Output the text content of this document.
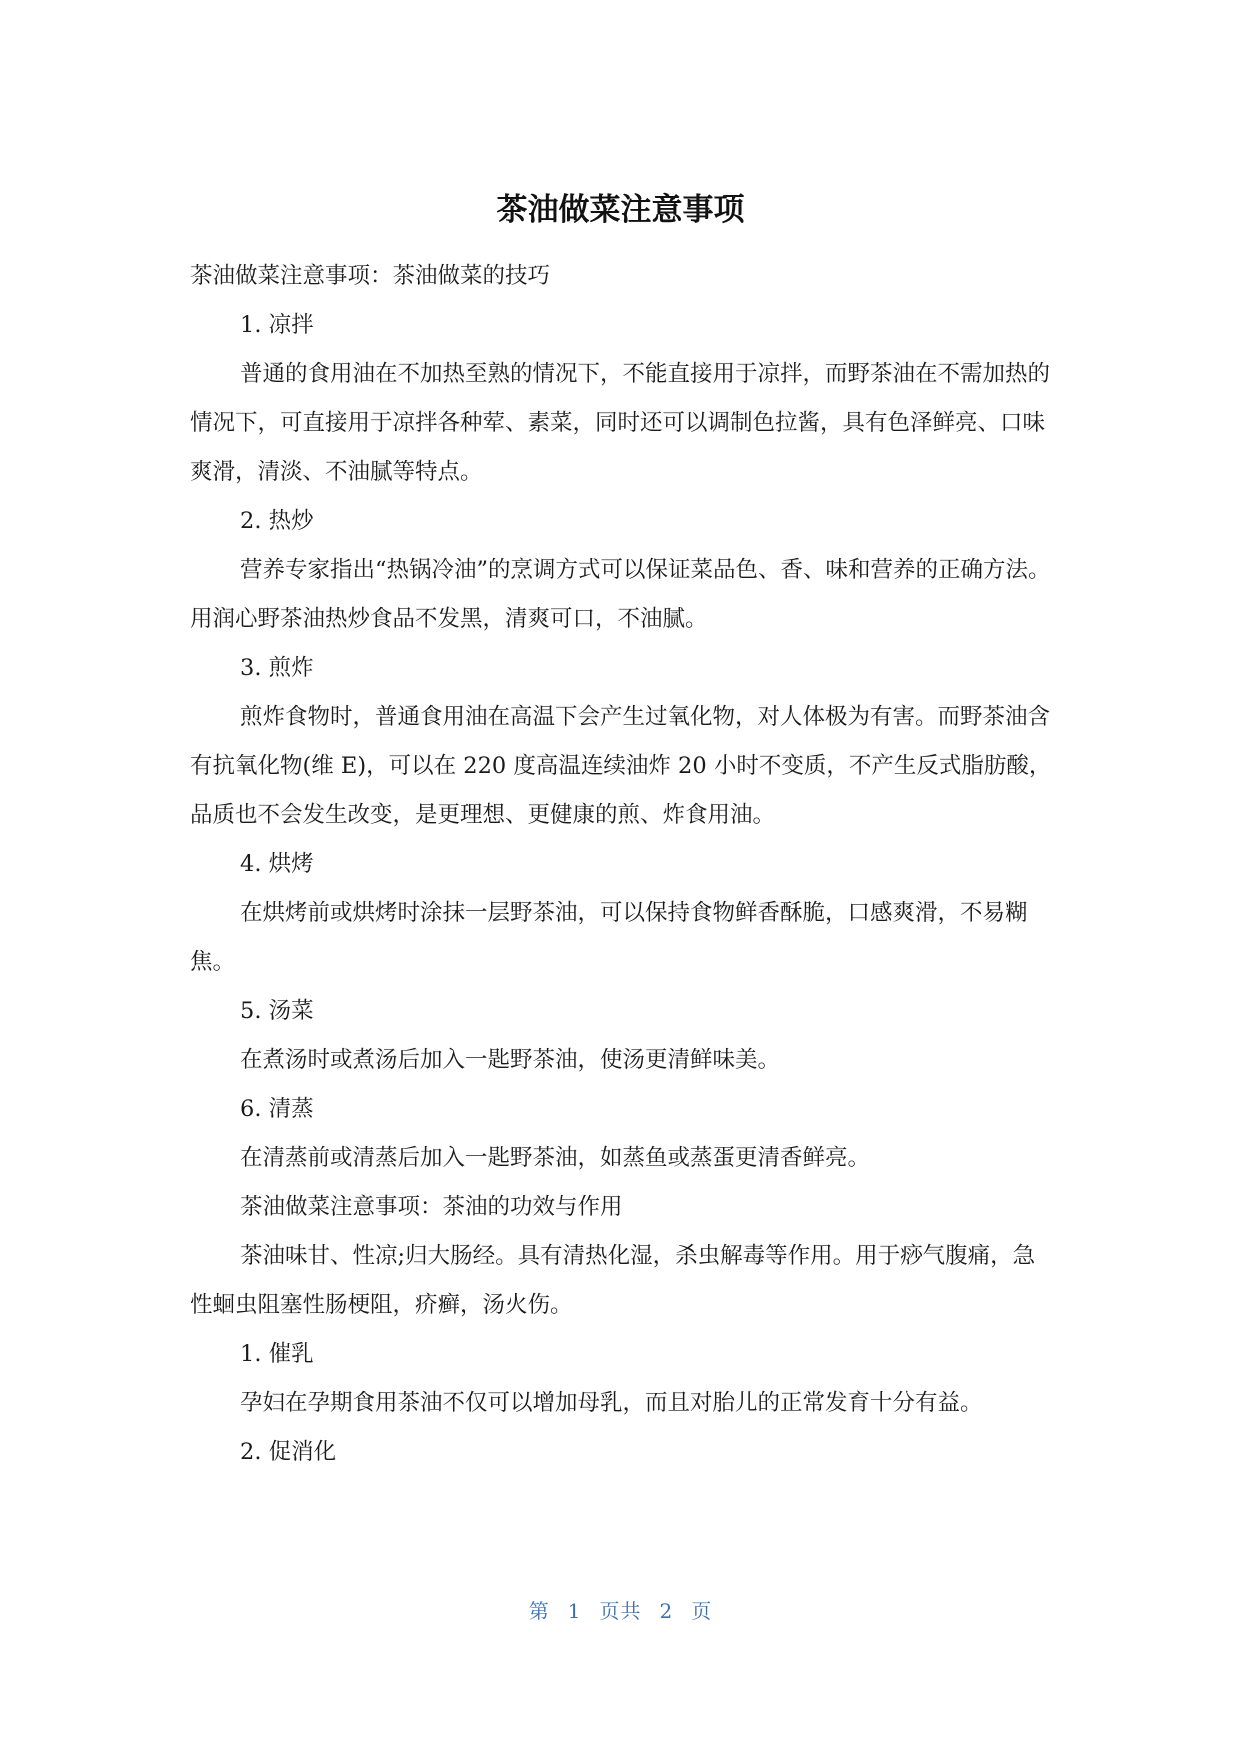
茶油做菜注意事项

茶油做菜注意事项：茶油做菜的技巧

1. 凉拌

普通的食用油在不加热至熟的情况下，不能直接用于凉拌，而野茶油在不需加热的情况下，可直接用于凉拌各种荤、素菜，同时还可以调制色拉酱，具有色泽鲜亮、口味爽滑，清淡、不油腻等特点。

2. 热炒

营养专家指出“热锅冷油”的烹调方式可以保证菜品色、香、味和营养的正确方法。用润心野茶油热炒食品不发黑，清爽可口，不油腻。

3. 煎炸

煎炸食物时，普通食用油在高温下会产生过氧化物，对人体极为有害。而野茶油含有抗氧化物(维 E)，可以在 220 度高温连续油炸 20 小时不变质，不产生反式脂肪酸，品质也不会发生改变，是更理想、更健康的煎、炸食用油。

4. 烘烤

在烘烤前或烘烤时涂抹一层野茶油，可以保持食物鲜香酥脆，口感爽滑，不易糊焦。

5. 汤菜

在煮汤时或煮汤后加入一匙野茶油，使汤更清鲜味美。

6. 清蒸

在清蒸前或清蒸后加入一匙野茶油，如蒸鱼或蒸蛋更清香鲜亮。

茶油做菜注意事项：茶油的功效与作用

茶油味甘、性凉;归大肠经。具有清热化湿，杀虫解毒等作用。用于痧气腹痛，急性蛔虫阻塞性肠梗阻，疥癣，汤火伤。

1. 催乳

孕妇在孕期食用茶油不仅可以增加母乳，而且对胎儿的正常发育十分有益。

2. 促消化

第 1 页共 2 页
